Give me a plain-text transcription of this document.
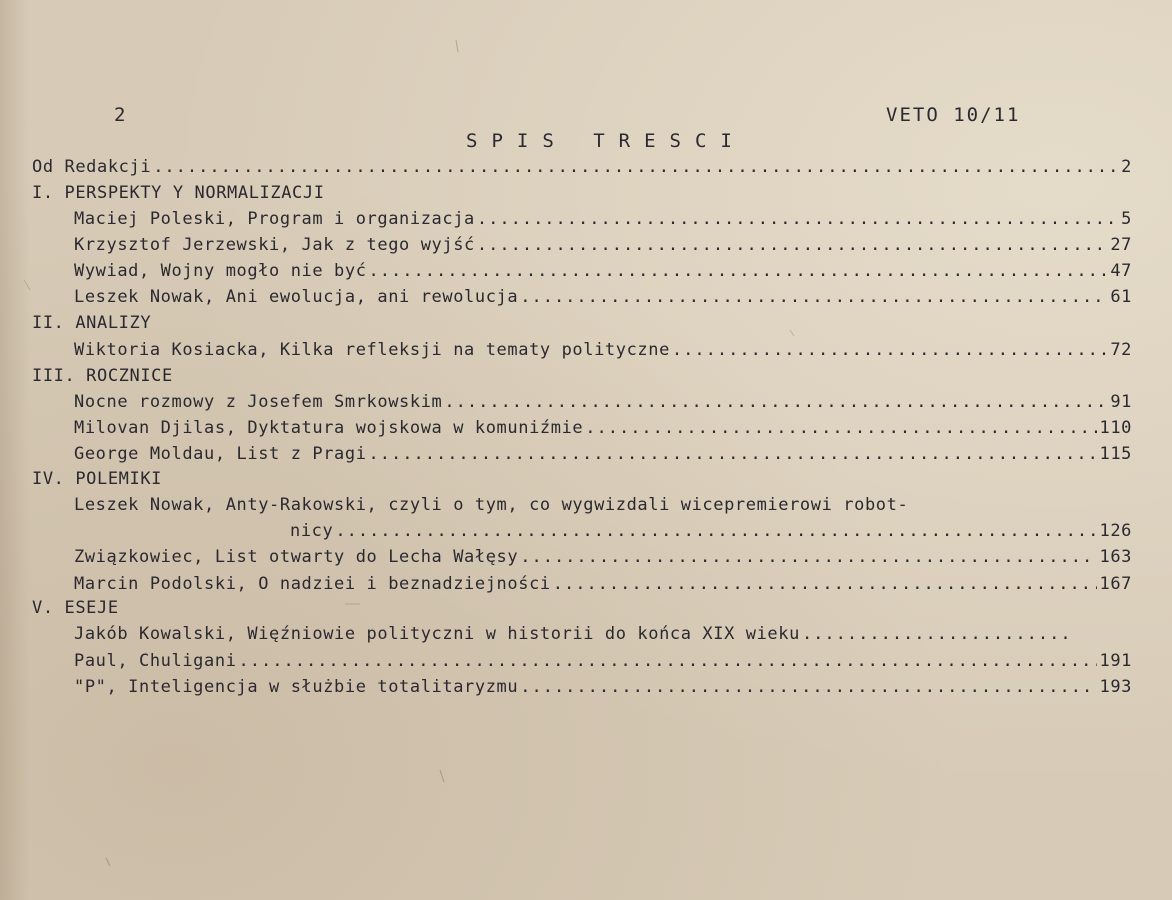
2	VETO 10/11
SPIS TRESCI
Od Redakcji .....	2
I. PERSPEKTY Y NORMALIZACJI
Maciej Poleski, Program i organizacja .....	5
Krzysztof Jerzewski, Jak z tego wyjść .....	27
Wywiad, Wojny mogło nie być .....	47
Leszek Nowak, Ani ewolucja, ani rewolucja .....	61
II. ANALIZY
Wiktoria Kosiacka, Kilka refleksji na tematy polityczne .....	72
III. ROCZNICE
Nocne rozmowy z Josefem Smrkowskim .....	91
Milovan Djilas, Dyktatura wojskowa w komuniźmie .....	110
George Moldau, List z Pragi .....	115
IV. POLEMIKI
Leszek Nowak, Anty-Rakowski, czyli o tym, co wygwizdali wicepremierowi robot-
nicy .....	126
Związkowiec, List otwarty do Lecha Wałęsy .....	163
Marcin Podolski, O nadziei i beznadziejności .....	167
V. ESEJE
Jakób Kowalski, Więźniowie polityczni w historii do końca XIX wieku
.....
Paul, Chuligani .....	191
"P", Inteligencja w służbie totalitaryzmu .....	193
